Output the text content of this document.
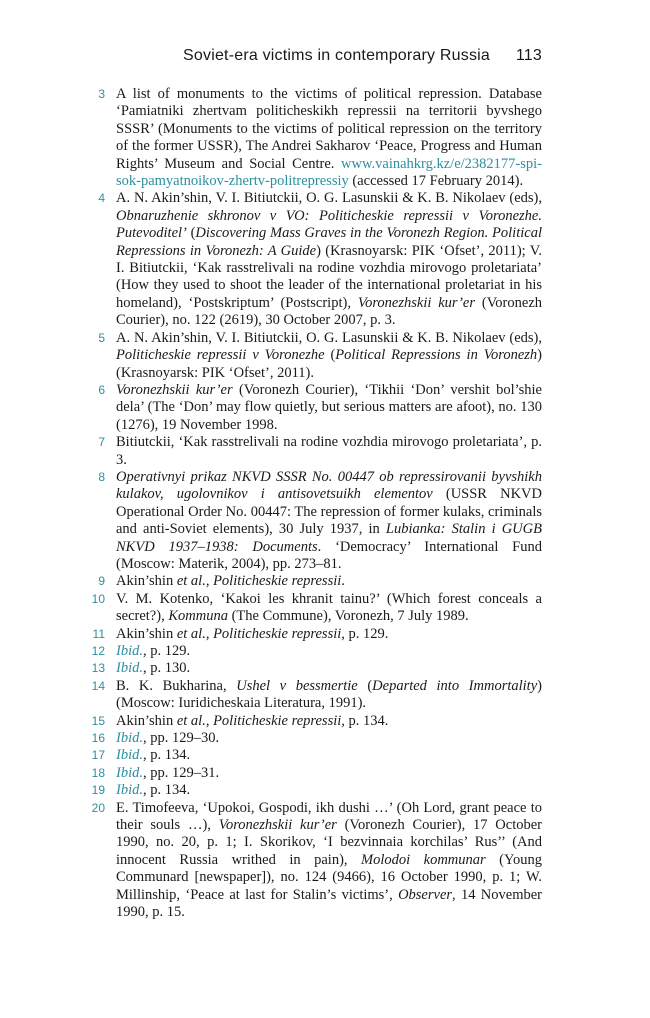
Soviet-era victims in contemporary Russia 113
3 A list of monuments to the victims of political repression. Database ‘Pamiatniki zhertvam politicheskikh repressii na territorii byvshego SSSR’ (Monuments to the victims of political repression on the territory of the former USSR), The Andrei Sakharov ‘Peace, Progress and Human Rights’ Museum and Social Centre. www.vainahkrg.kz/e/2382177-spi-sok-pamyatnoikov-zhertv-politrepressiy (accessed 17 February 2014).
4 A. N. Akin’shin, V. I. Bitiutckii, O. G. Lasunskii & K. B. Nikolaev (eds), Obnaruzhenie skhronov v VO: Politicheskie repressii v Voronezhe. Putevoditel’ (Discovering Mass Graves in the Voronezh Region. Political Repressions in Voronezh: A Guide) (Krasnoyarsk: PIK ‘Ofset’, 2011); V. I. Bitiutckii, ‘Kak rasstrelivali na rodine vozhdia mirovogo proletariata’ (How they used to shoot the leader of the international proletariat in his homeland), ‘Postskriptum’ (Postscript), Voronezhskii kur’er (Voronezh Courier), no. 122 (2619), 30 October 2007, p. 3.
5 A. N. Akin’shin, V. I. Bitiutckii, O. G. Lasunskii & K. B. Nikolaev (eds), Politicheskie repressii v Voronezhe (Political Repressions in Voronezh) (Krasnoyarsk: PIK ‘Ofset’, 2011).
6 Voronezhskii kur’er (Voronezh Courier), ‘Tikhii ‘Don’ vershit bol’shie dela’ (The ‘Don’ may flow quietly, but serious matters are afoot), no. 130 (1276), 19 November 1998.
7 Bitiutckii, ‘Kak rasstrelivali na rodine vozhdia mirovogo proletariata’, p. 3.
8 Operativnyi prikaz NKVD SSSR No. 00447 ob repressirovanii byvshikh kulakov, ugolovnikov i antisovetsuikh elementov (USSR NKVD Operational Order No. 00447: The repression of former kulaks, criminals and anti-Soviet elements), 30 July 1937, in Lubianka: Stalin i GUGB NKVD 1937–1938: Documents. ‘Democracy’ International Fund (Moscow: Materik, 2004), pp. 273–81.
9 Akin’shin et al., Politicheskie repressii.
10 V. M. Kotenko, ‘Kakoi les khranit tainu?’ (Which forest conceals a secret?), Kommuna (The Commune), Voronezh, 7 July 1989.
11 Akin’shin et al., Politicheskie repressii, p. 129.
12 Ibid., p. 129.
13 Ibid., p. 130.
14 B. K. Bukharina, Ushel v bessmertie (Departed into Immortality) (Moscow: Iuridicheskaia Literatura, 1991).
15 Akin’shin et al., Politicheskie repressii, p. 134.
16 Ibid., pp. 129–30.
17 Ibid., p. 134.
18 Ibid., pp. 129–31.
19 Ibid., p. 134.
20 E. Timofeeva, ‘Upokoi, Gospodi, ikh dushi …’ (Oh Lord, grant peace to their souls …), Voronezhskii kur’er (Voronezh Courier), 17 October 1990, no. 20, p. 1; I. Skorikov, ‘I bezvinnaia korchilas’ Rus’’ (And innocent Russia writhed in pain), Molodoi kommunar (Young Communard [newspaper]), no. 124 (9466), 16 October 1990, p. 1; W. Millinship, ‘Peace at last for Stalin’s victims’, Observer, 14 November 1990, p. 15.
